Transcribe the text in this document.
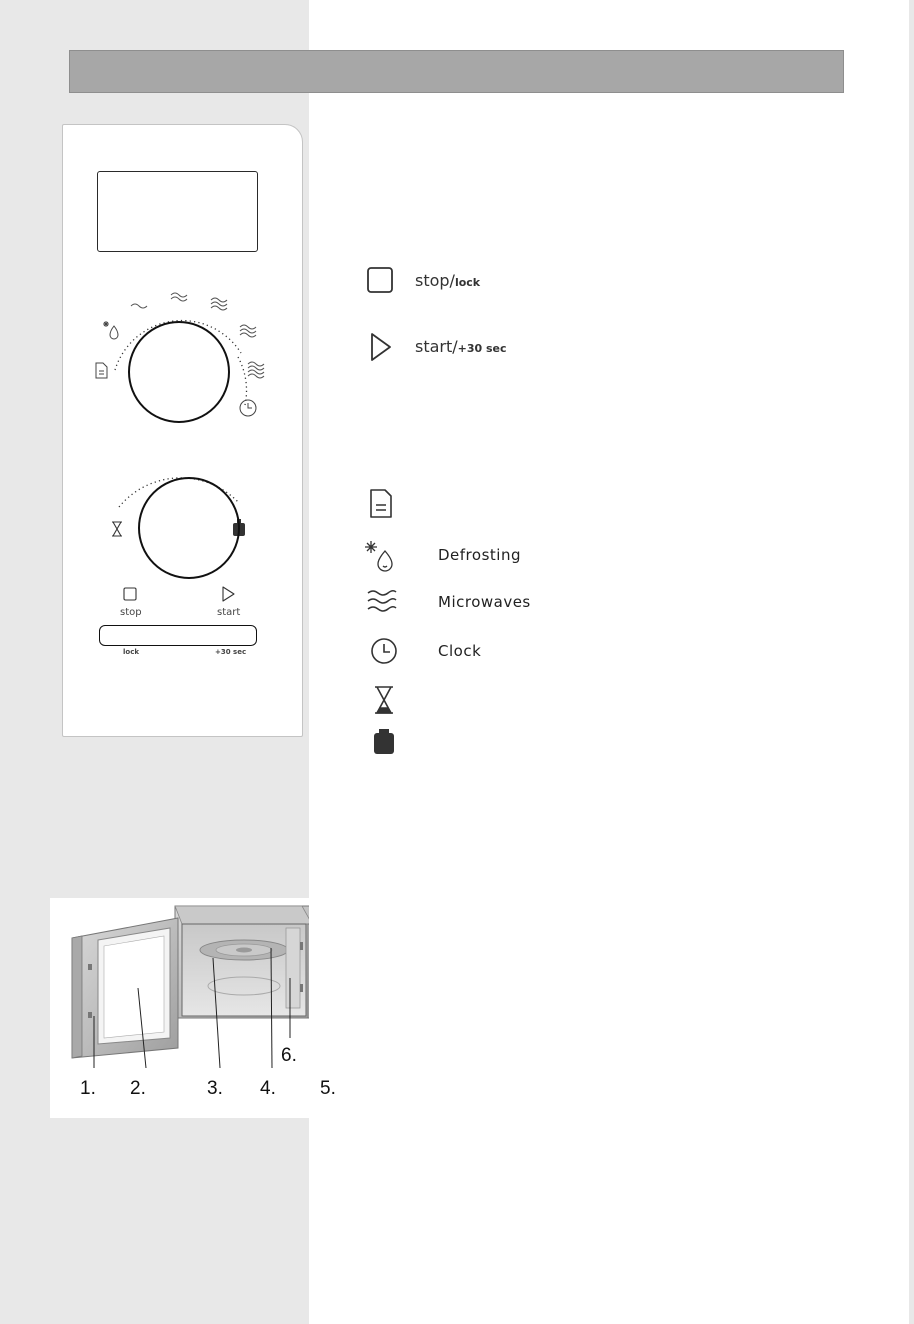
stop	start
lock	+30 sec
stop/lock
start/+30 sec
Defrosting
Microwaves
Clock
1. 2.	3. 4. 5.
6.
